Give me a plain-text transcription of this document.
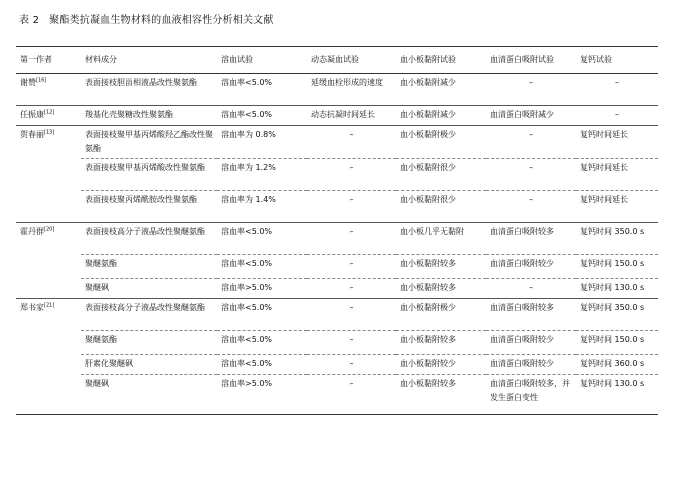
表 2 聚酯类抗凝血生物材料的血液相容性分析相关文献
第一作者	材料成分	溶血试验	动态凝血试验	血小板黏附试验	血清蛋白吸附试验	复钙试验
谢赞[16]	表面接枝胆甾相液晶改性聚氨酯	溶血率<5.0%	延缓血栓形成的速度	血小板黏附减少	–	–
任振康[12]	羧基化壳聚糖改性聚氨酯	溶血率<5.0%	动态抗凝时间延长	血小板黏附减少	血清蛋白吸附减少	–
贺春丽[13]	表面接枝聚甲基丙烯酸羟乙酯改性聚氨酯	溶血率为 0.8%	–	血小板黏附极少	–	复钙时间延长
	表面接枝聚甲基丙烯酸改性聚氨酯	溶血率为 1.2%	–	血小板黏附很少	–	复钙时间延长
	表面接枝聚丙烯酰胺改性聚氨酯	溶血率为 1.4%	–	血小板黏附很少	–	复钙时间延长
霍丹群[20]	表面接枝高分子液晶改性聚醚氨酯	溶血率<5.0%	–	血小板几乎无黏附	血清蛋白吸附较多	复钙时间 350.0 s
	聚醚氨酯	溶血率<5.0%	–	血小板黏附较多	血清蛋白吸附较少	复钙时间 150.0 s
	聚醚砜	溶血率>5.0%	–	血小板黏附较多	–	复钙时间 130.0 s
郑书家[21]	表面接枝高分子液晶改性聚醚氨酯	溶血率<5.0%	–	血小板黏附极少	血清蛋白吸附较多	复钙时间 350.0 s
	聚醚氨酯	溶血率<5.0%	–	血小板黏附较多	血清蛋白吸附较少	复钙时间 150.0 s
	肝素化聚醚砜	溶血率<5.0%	–	血小板黏附较少	血清蛋白吸附较少	复钙时间 360.0 s
	聚醚砜	溶血率>5.0%	–	血小板黏附较多	血清蛋白吸附较多，并发生蛋白变性	复钙时间 130.0 s
